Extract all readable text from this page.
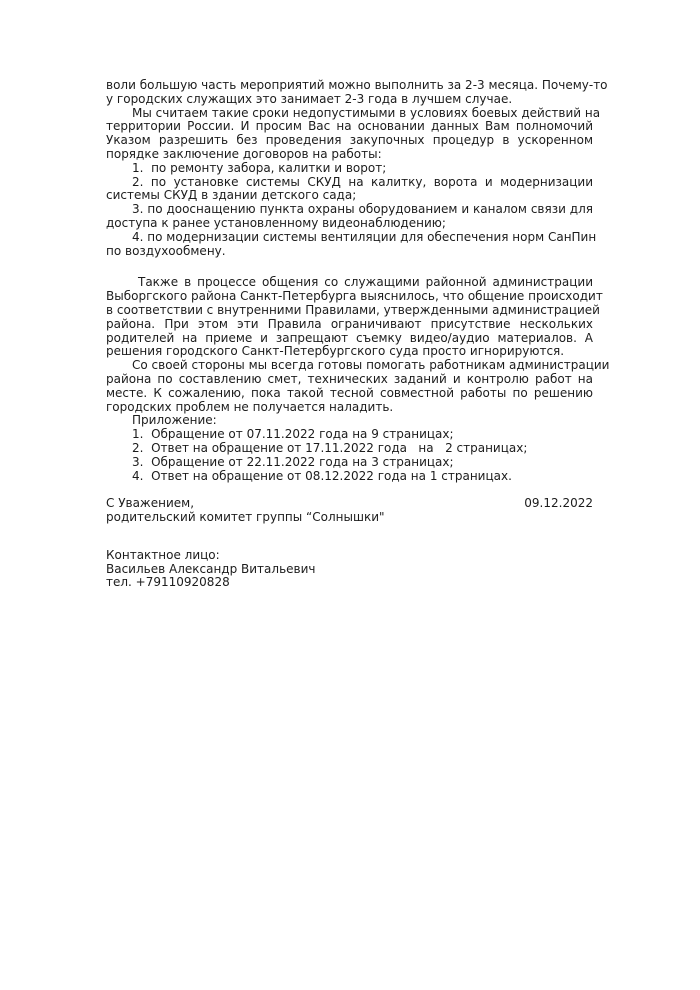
воли большую часть мероприятий можно выполнить за 2-3 месяца. Почему-то
у городских служащих это занимает 2-3 года в лучшем случае.
Мы считаем такие сроки недопустимыми в условиях боевых действий на
территории России. И просим Вас на основании данных Вам полномочий
Указом разрешить без проведения закупочных процедур в ускоренном
порядке заключение договоров на работы:
1.  по ремонту забора, калитки и ворот;
2. по установке системы СКУД на калитку, ворота и модернизации
системы СКУД в здании детского сада;
3. по дооснащению пункта охраны оборудованием и каналом связи для
доступа к ранее установленному видеонаблюдению;
4. по модернизации системы вентиляции для обеспечения норм СанПин
по воздухообмену.
Также в процессе общения со служащими районной администрации
Выборгского района Санкт-Петербурга выяснилось, что общение происходит
в соответствии с внутренними Правилами, утвержденными администрацией
района. При этом эти Правила ограничивают присутствие нескольких
родителей на приеме и запрещают съемку видео/аудио материалов. А
решения городского Санкт-Петербургского суда просто игнорируются.
Со своей стороны мы всегда готовы помогать работникам администрации
района по составлению смет, технических заданий и контролю работ на
месте. К сожалению, пока такой тесной совместной работы по решению
городских проблем не получается наладить.
Приложение:
1.  Обращение от 07.11.2022 года на 9 страницах;
2.  Ответ на обращение от 17.11.2022 года   на   2 страницах;
3.  Обращение от 22.11.2022 года на 3 страницах;
4.  Ответ на обращение от 08.12.2022 года на 1 страницах.
С Уважением,	09.12.2022
родительский комитет группы “Солнышки"
Контактное лицо:
Васильев Александр Витальевич
тел. +79110920828
